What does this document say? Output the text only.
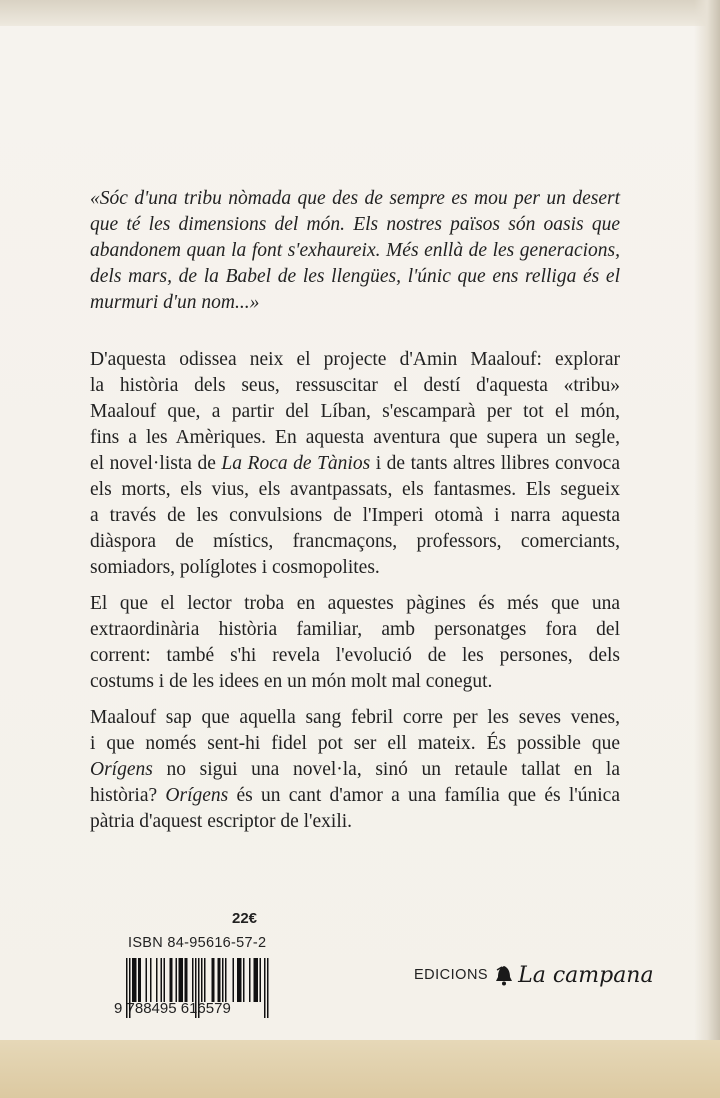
«Sóc d'una tribu nòmada que des de sempre es mou per un desert
que té les dimensions del món. Els nostres països són oasis que
abandonem quan la font s'exhaureix. Més enllà de les generacions,
dels mars, de la Babel de les llengües, l'únic que ens relliga és el
murmuri d'un nom...»
D'aquesta odissea neix el projecte d'Amin Maalouf: explorar
la història dels seus, ressuscitar el destí d'aquesta «tribu»
Maalouf que, a partir del Líban, s'escamparà per tot el món,
fins a les Amèriques. En aquesta aventura que supera un segle,
el novel·lista de La Roca de Tànios i de tants altres llibres convoca
els morts, els vius, els avantpassats, els fantasmes. Els segueix
a través de les convulsions de l'Imperi otomà i narra aquesta
diàspora de místics, francmaçons, professors, comerciants,
somiadors, políglotes i cosmopolites.
El que el lector troba en aquestes pàgines és més que una
extraordinària història familiar, amb personatges fora del
corrent: també s'hi revela l'evolució de les persones, dels
costums i de les idees en un món molt mal conegut.
Maalouf sap que aquella sang febril corre per les seves venes,
i que només sent-hi fidel pot ser ell mateix. És possible que
Orígens no sigui una novel·la, sinó un retaule tallat en la
història? Orígens és un cant d'amor a una família que és l'única
pàtria d'aquest escriptor de l'exili.
22€
ISBN 84-95616-57-2
9 788495 616579
EDICIONS La campana
